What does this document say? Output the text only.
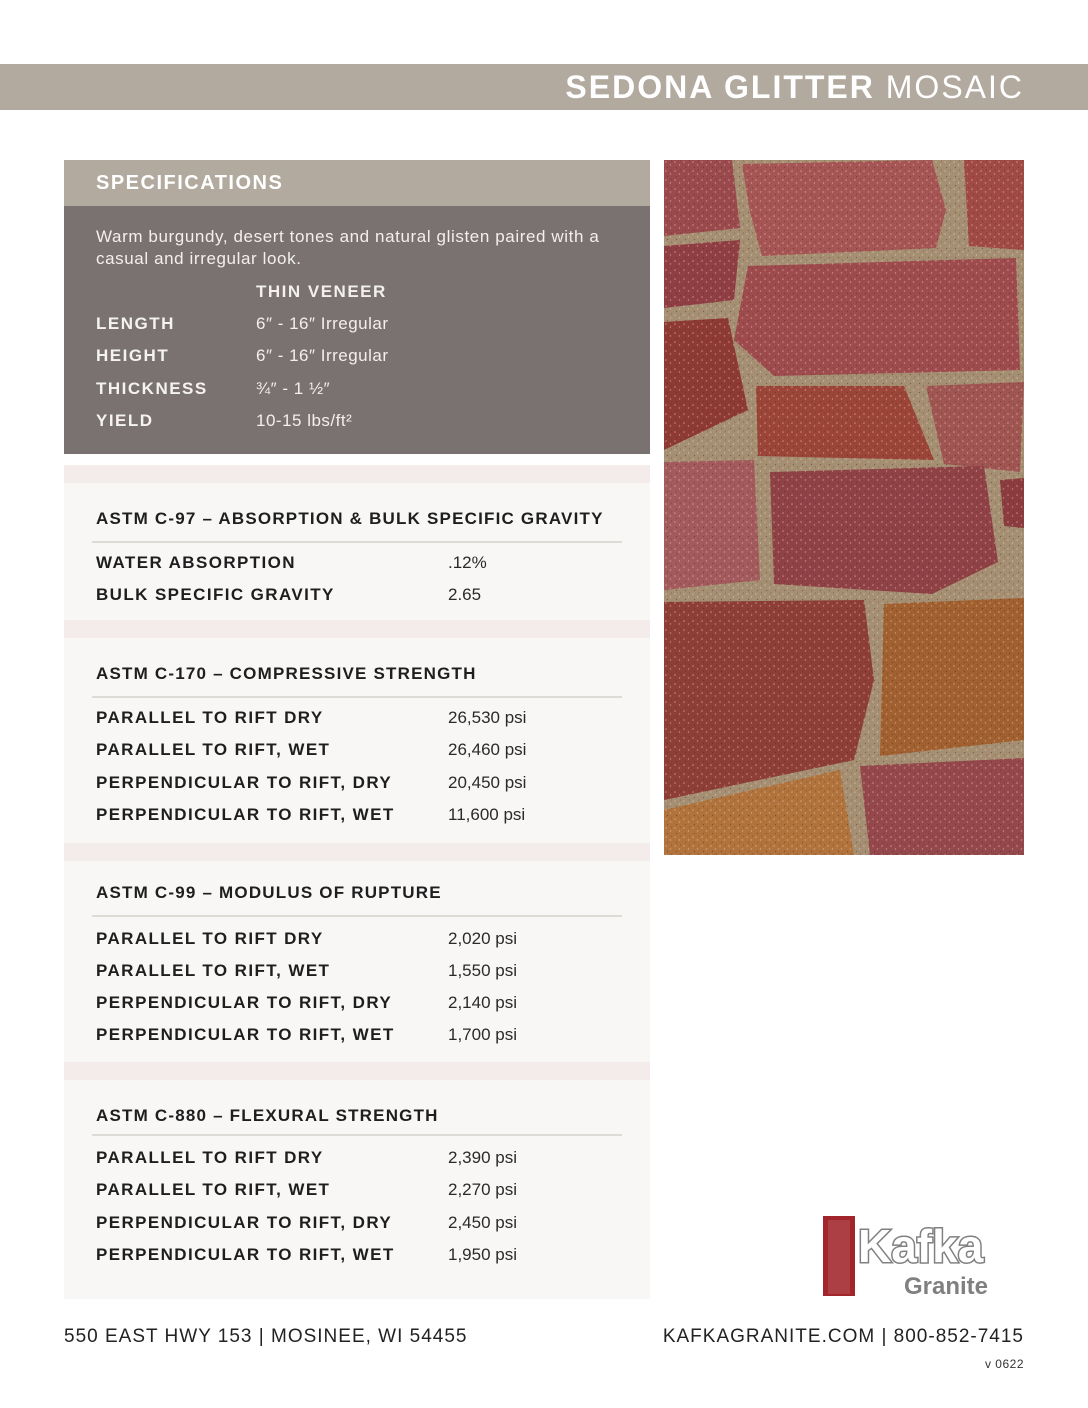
SEDONA GLITTER MOSAIC
SPECIFICATIONS
Warm burgundy, desert tones and natural glisten paired with a casual and irregular look.
THIN VENEER
LENGTH	6″ - 16″ Irregular
HEIGHT	6″ - 16″ Irregular
THICKNESS	¾″ - 1 ½″
YIELD	10-15 lbs/ft²
ASTM C-97 – ABSORPTION & BULK SPECIFIC GRAVITY
WATER ABSORPTION	.12%
BULK SPECIFIC GRAVITY	2.65
ASTM C-170 – COMPRESSIVE STRENGTH
PARALLEL TO RIFT DRY	26,530 psi
PARALLEL TO RIFT, WET	26,460 psi
PERPENDICULAR TO RIFT, DRY	20,450 psi
PERPENDICULAR TO RIFT, WET	11,600 psi
ASTM C-99 – MODULUS OF RUPTURE
PARALLEL TO RIFT DRY	2,020 psi
PARALLEL TO RIFT, WET	1,550 psi
PERPENDICULAR TO RIFT, DRY	2,140 psi
PERPENDICULAR TO RIFT, WET	1,700 psi
ASTM C-880 – FLEXURAL STRENGTH
PARALLEL TO RIFT DRY	2,390 psi
PARALLEL TO RIFT, WET	2,270 psi
PERPENDICULAR TO RIFT, DRY	2,450 psi
PERPENDICULAR TO RIFT, WET	1,950 psi	Kafka
Granite
550 EAST HWY 153 | MOSINEE, WI 54455	KAFKAGRANITE.COM | 800-852-7415
v 0622
